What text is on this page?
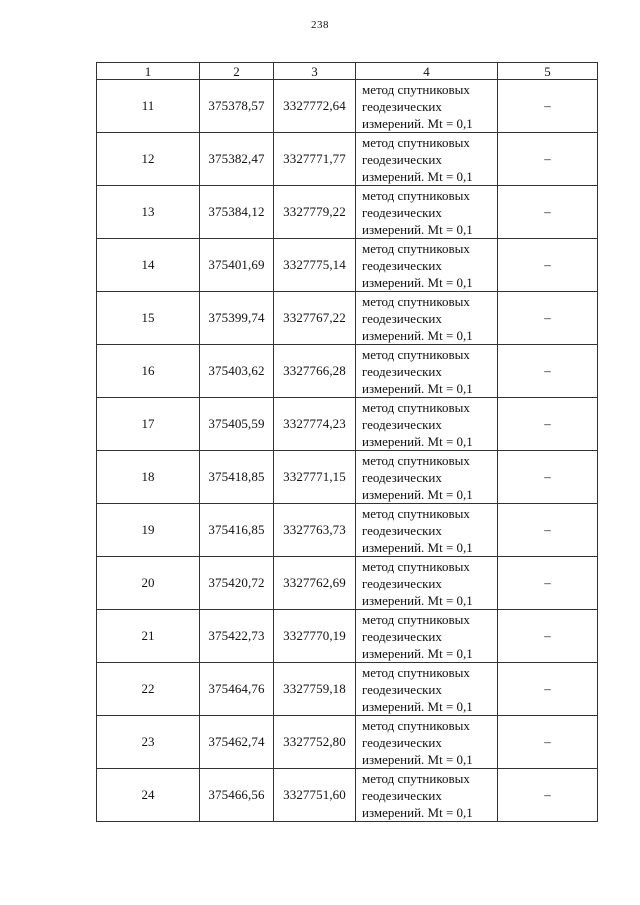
238
1	2	3	4	5
11	375378,57	3327772,64	метод спутниковых
геодезических
измерений. Mt = 0,1	–
12	375382,47	3327771,77	метод спутниковых
геодезических
измерений. Mt = 0,1	–
13	375384,12	3327779,22	метод спутниковых
геодезических
измерений. Mt = 0,1	–
14	375401,69	3327775,14	метод спутниковых
геодезических
измерений. Mt = 0,1	–
15	375399,74	3327767,22	метод спутниковых
геодезических
измерений. Mt = 0,1	–
16	375403,62	3327766,28	метод спутниковых
геодезических
измерений. Mt = 0,1	–
17	375405,59	3327774,23	метод спутниковых
геодезических
измерений. Mt = 0,1	–
18	375418,85	3327771,15	метод спутниковых
геодезических
измерений. Mt = 0,1	–
19	375416,85	3327763,73	метод спутниковых
геодезических
измерений. Mt = 0,1	–
20	375420,72	3327762,69	метод спутниковых
геодезических
измерений. Mt = 0,1	–
21	375422,73	3327770,19	метод спутниковых
геодезических
измерений. Mt = 0,1	–
22	375464,76	3327759,18	метод спутниковых
геодезических
измерений. Mt = 0,1	–
23	375462,74	3327752,80	метод спутниковых
геодезических
измерений. Mt = 0,1	–
24	375466,56	3327751,60	метод спутниковых
геодезических
измерений. Mt = 0,1	–
